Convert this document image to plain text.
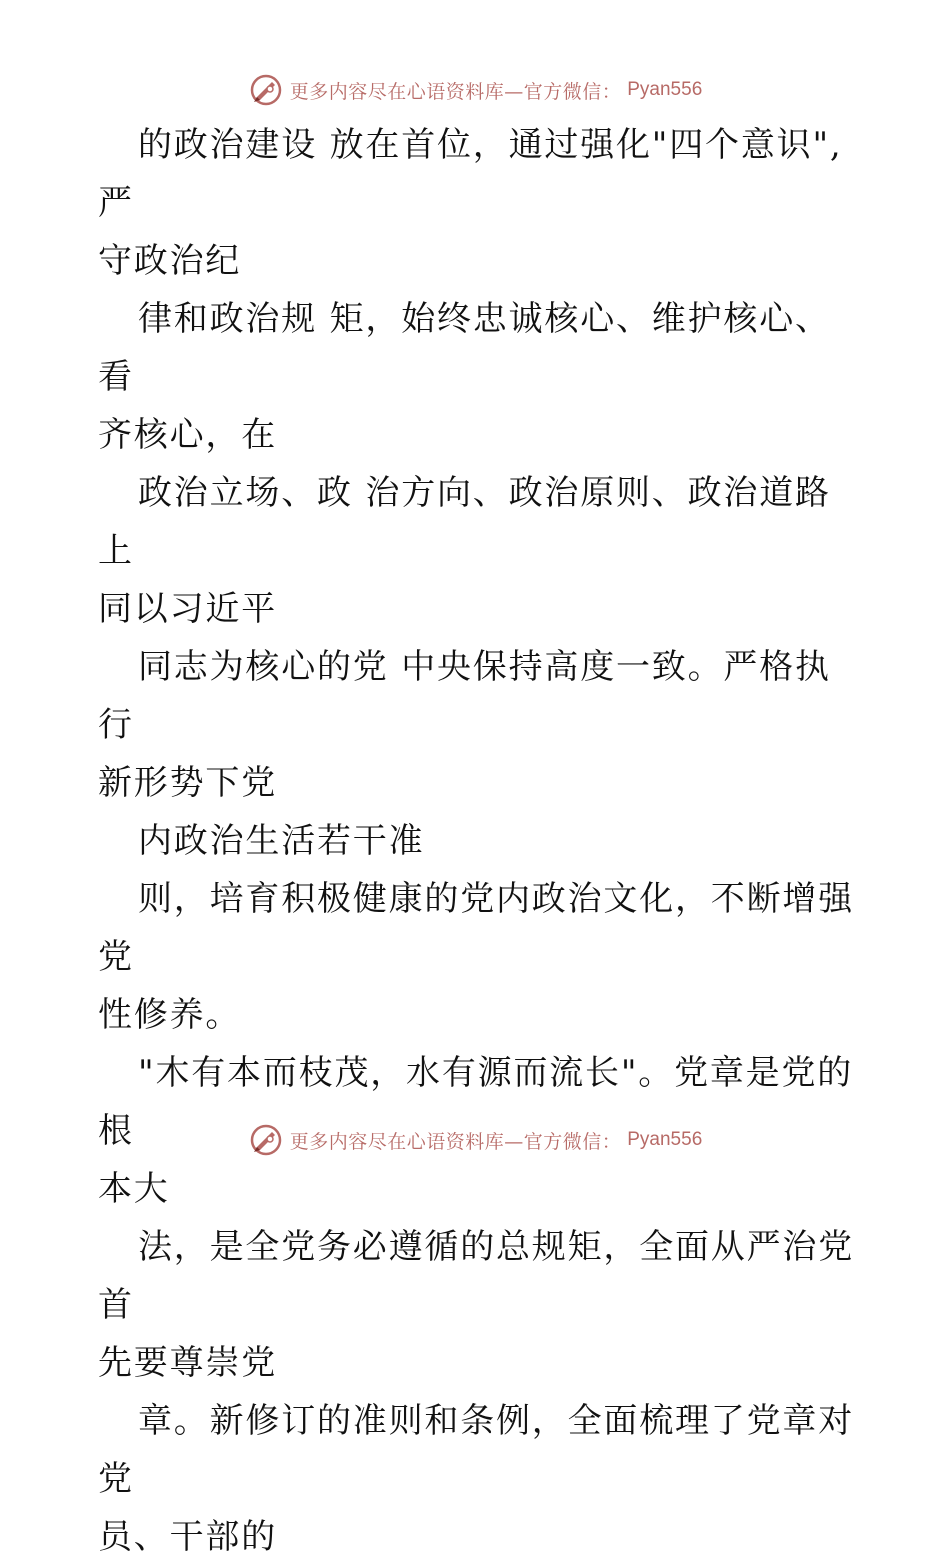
更多内容尽在心语资料库—官方微信： Pyan556

的政治建设 放在首位，通过强化"四个意识",严

守政治纪

律和政治规 矩，始终忠诚核心、维护核心、看

齐核心，在

政治立场、政 治方向、政治原则、政治道路上

同以习近平

同志为核心的党 中央保持高度一致。严格执行

新形势下党

内政治生活若干准

则，培育积极健康的党内政治文化，不断增强党

性修养。

"木有本而枝茂，水有源而流长"。党章是党的根

本大

法，是全党务必遵循的总规矩，全面从严治党首

先要尊崇党

章。新修订的准则和条例，全面梳理了党章对党

员、干部的

更多内容尽在心语资料库—官方微信： Pyan556
